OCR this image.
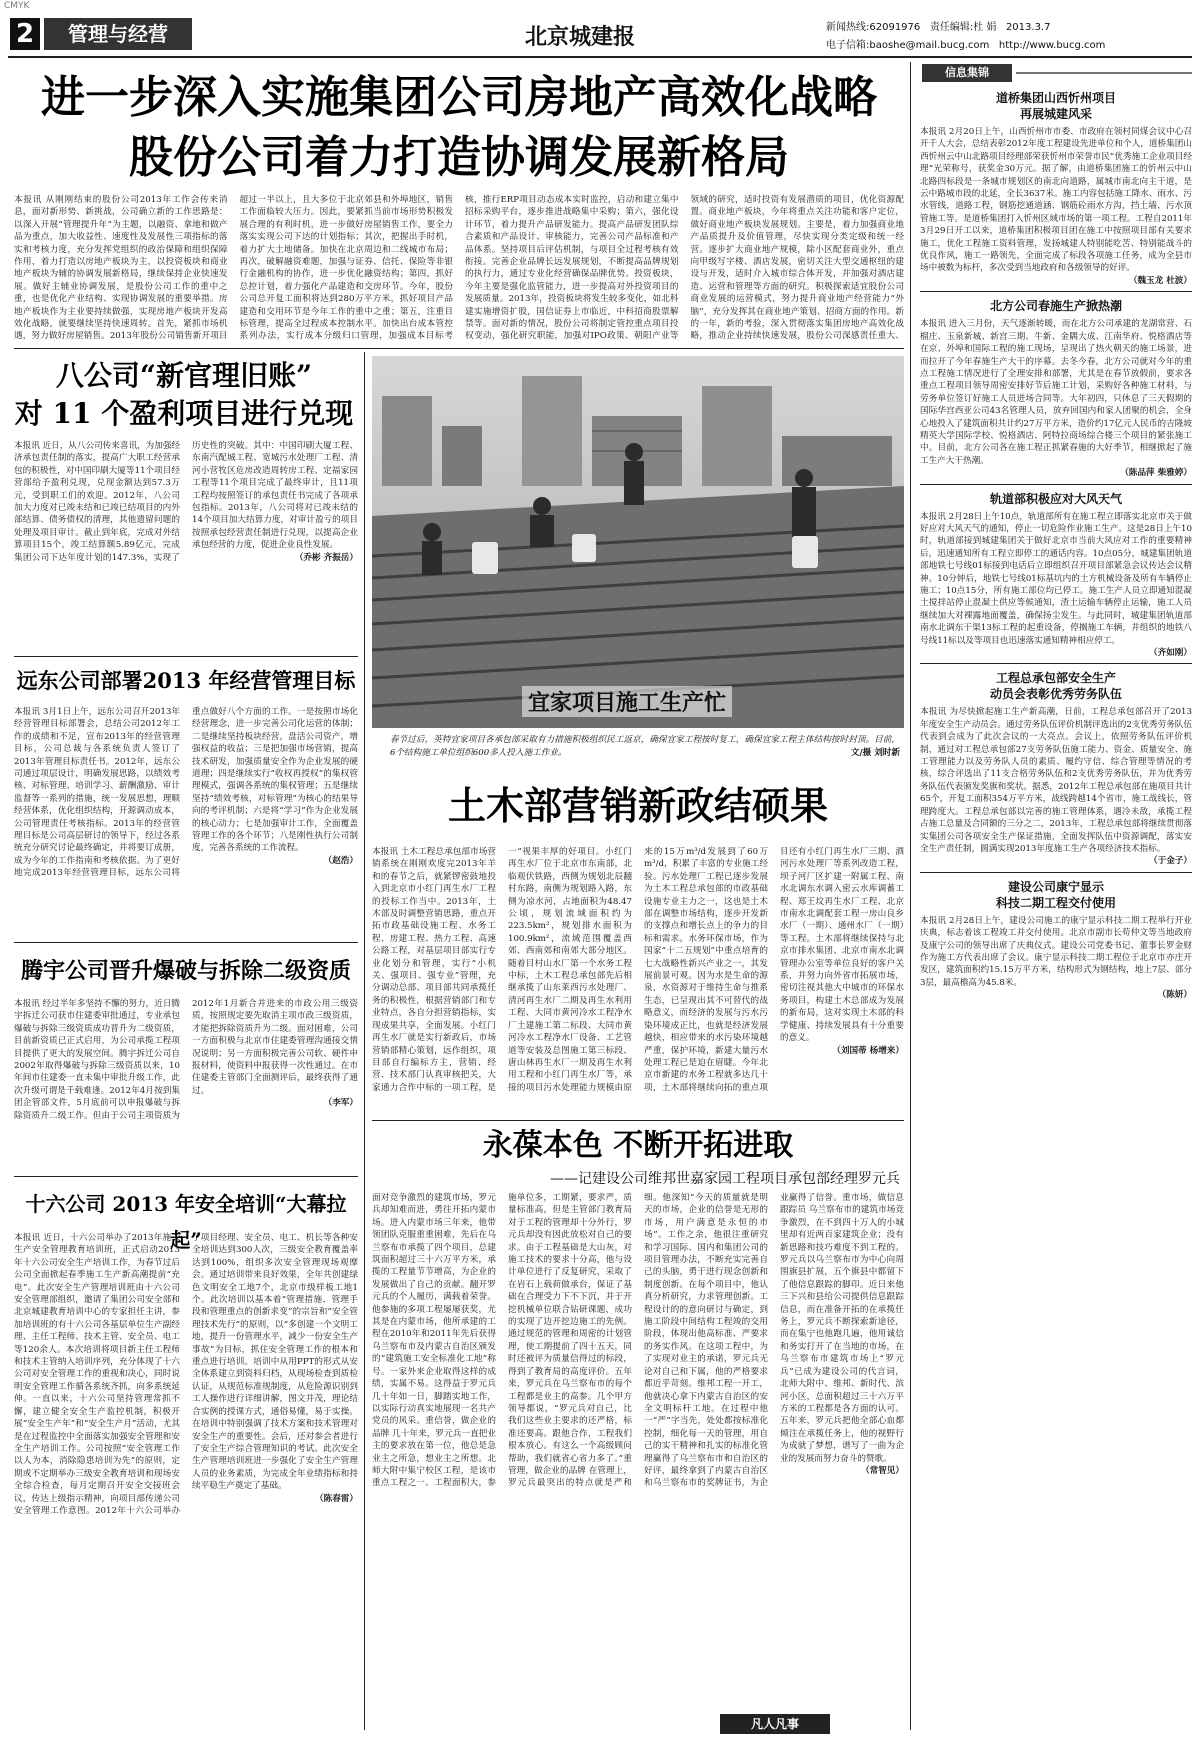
CMYK
2	管理与经营	北京城建报	新闻热线:62091976 责任编辑:杜 娟 2013.3.7
电子信箱:baoshe@mail.bucg.com http://www.bucg.com
进一步深入实施集团公司房地产高效化战略
股份公司着力打造协调发展新格局
本报讯 从刚刚结束的股份公司2013年工作会传来消息，面对新形势、新挑战，公司确立新的工作思路是：以深入开展“管理提升年”为主题，以融资、拿地和做产品为重点，加大收益性、速度性及发展性三项指标的落实和考核力度，充分发挥党组织的政治保障和组织保障作用，着力打造以房地产板块为主，以投资板块和商业地产板块为辅的协调发展新格局，继续保持企业快速发展。做好主辅业协调发展，是股份公司工作的重中之重，也是优化产业结构、实现协调发展的重要举措。房地产板块作为主业要持续做强，实现房地产板块开发高效化战略，就要继续坚持快速周转。首先，紧抓市场机遇，努力做好房屋销售。2013年股份公司销售新开项目超过一半以上，且大多位于北京郊县和外埠地区，销售工作面临较大压力。因此，要紧抓当前市场形势积极发展合理的有利时机，进一步做好房屋销售工作，要全力落实实现公司下达的计划指标；其次，把握出手时机，着力扩大土地储备。加快在北京周边和二线城市布局；再次，破解融资难题，加强与证券、信托、保险等非银行金融机构的协作，进一步优化融资结构；第四，抓好总控计划，着力强化产品建造和交房环节。今年，股份公司总开复工面积将达到280万平方米，抓好项目产品建造和交用环节是今年工作的重中之重；第五，注重目标管理，提高全过程成本控制水平。加快出台成本管控系列办法，实行成本分级归口管理，加强成本目标考核，推行ERP项目动态成本实时监控，启动和建立集中招标采购平台，逐步推进战略集中采购；第六，强化设计环节，着力提升产品研发能力。提高产品研发团队综合素质和产品设计、审核能力，完善公司产品标准和产品体系。坚持项目后评估机制，与项目全过程考核有效衔接。完善企业品牌长远发展规划，不断提高品牌规划的执行力，通过专业化经营确保品牌优势。投资板块，今年主要是强化监管能力，进一步提高对外投资项目的发展质量。2013年，投资板块将发生较多变化，如北科建实施增资扩股，国信证券上市临近，中科招商股票解禁等。面对新的情况，股份公司将制定管控重点项目投权变动，强化研究职能，加强对IPO政策、朝阳产业等领域的研究，适时投资有发展潜质的项目，优化资源配置。商业地产板块，今年将重点关注功能和客户定位，做好商业地产板块发展规划。主要是，着力加强商业地产品质提升及价值管理，尽快实现分类定级和统一经营。逐步扩大商业地产规模，除小区配套商业外，重点向甲级写字楼、酒店发展，密切关注大型交通枢纽的建设与开发，适时介入城市综合体开发，并加强对酒店建造、运营和管理等方面的研究。积极探索适宜股份公司商业发展的运营模式，努力提升商业地产经营能力“外脑”，充分发挥其在商业地产策划、招商方面的作用。新的一年，新的考验，深入贯彻落实集团房地产高效化战略，推动企业持续快速发展，股份公司深感责任重大、
八公司“新官理旧账”
对 11 个盈利项目进行兑现
本报讯 近日，从八公司传来喜讯，为加强经济承包责任制的落实，提高广大职工经营承包的积极性，对中国印刷大厦等11个项目经营部给予盈利兑现，兑现金额达到57.3万元，受到职工们的欢迎。2012年，八公司加大力度对已竣未结和已竣已结项目的内外部结算、债务债权的清理，其他遗留问题的处理及项目审计。截止到年底，完成对外结算项目15个，竣工结算额5.89亿元，完成集团公司下达年度计划的147.3%，实现了历史性的突破。其中：中国印刷大厦工程、东南汽配城工程、宽城污水处理厂工程、清河小营牧区危房改造周转房工程、定福家园工程等11个项目完成了最终审计，且11项工程均按照签订的承包责任书完成了各项承包指标。2013年，八公司将对已竣未结的14个项目加大结算力度，对审计盈亏的项目按照承包经营责任制进行兑现，以提高企业承包经营的力度，促进企业良性发展。
（乔彬 齐振岳）
远东公司部署2013 年经营管理目标
本报讯 3月1日上午，远东公司召开2013年经营管理目标部署会，总结公司2012年工作的成绩和不足，宣布2013年的经营管理目标，公司总裁与各系统负责人签订了2013年管理目标责任书。2012年，远东公司通过项层设计，明确发展思路，以绩效考核、对标管理、培训学习、薪酬激励、审计监督等一系列的措施，统一发展思想，理顺经营体系，优化组织结构，开源调动成本，公司管理责任考核指标。2013年的经营管理目标是公司高层研讨的领导下，经过各系统充分研究讨论最终确定，并将要订成册，成为今年的工作指南和考核依据。为了更好地完成2013年经营管理目标，远东公司将重点做好八个方面的工作。一是按照市场化经营理念，进一步完善公司化运营的体制；二是继续坚持板块经营，盘活公司资产，增强权益的收益；三是把加强市场营销，提高技术研发，加强质量安全作为企业发展的硬道理；四是继续实行“收权再授权”的集权管理模式，强调各系统的集权管理；五是继续坚持“绩效考核，对标管理”为核心的结果导向的考评机制；六是将“学习”作为企业发展的核心动力；七是加强审计工作，全面覆盖管理工作的各个环节；八是刚性执行公司制度，完善各系统的工作流程。
（赵浩）
腾宇公司晋升爆破与拆除二级资质
本报讯 经过半年多坚持不懈的努力，近日腾宇拆迁公司获市住建委审批通过，专业承包爆破与拆除三级资质成功晋升为二级资质，目前新资质已正式启用，为公司承揽工程项目提供了更大的发展空间。腾宇拆迁公司自2002年取得爆破与拆除三级资质以来，10年间市住建委一直未集中审批升级工作，此次升级可谓是千载难逢。2012年4月按到集团企管部文件，5月底前可以申报爆破与拆除资质升二级工作。但由于公司主项资质为2012年1月新合并进来的市政公用三级资质，按照规定要先取消主项市政三级资质，才能把拆除资质升为二级。面对困难，公司一方面积极与北京市住建委管理沟通接交情况说明；另一方面积极完善公司软、硬件申报材料，使资料申报获得一次性通过。在市住建委主管部门全面测评后，最终获得了通过。
（李军）
十六公司 2013 年安全培训“大幕拉起”
本报讯 近日，十六公司举办了2013年施工生产安全管理教育培训班，正式启动2013年十六公司安全生产培训工作，为春节过后公司全面掀起春季施工生产新高潮提前“充电”。此次安全生产管理培训班由十六公司安全管理部组织，邀请了集团公司安全部和北京城建教育培训中心的专家担任主讲，参加培训班的有十六公司各基层单位生产副经理、主任工程师、技术主管、安全员、电工等120余人。本次培训将项目新主任工程师和技术主管纳入培训序列，充分体现了十六公司对安全管理工作的重视和决心，同时说明安全管理工作循各系统齐抓，向多系统延伸。一直以来，十六公司坚持管理常抓不懈，建立健全安全生产监控机制，积极开展“安全生产年”和“安全生产月”活动，尤其是在过程监控中全面落实加强安全管理和安全生产培训工作。公司按照“安全管理工作以人为本，消除隐患培训为先”的原则，定期或不定期举办三级安全教育培训和现场安全综合检查，每月定期召开安全交接班会议，传达上级指示精神，向项目部传递公司安全管理工作意图。2012年十六公司举办了项目经理、安全员、电工、机长等各种安全培训达到300人次，三级安全教育覆盖率达到100%，组织多次安全管理现场观摩会。通过培训带来良好效果，全年共创建绿色文明安全工地7个，北京市级样板工地1个。此次培训以基本着“管理措施、管理手段和管理重点的创新求变”的宗旨和“安全管理技术先行”的原则，以“多创建一个文明工地，提升一份管理水平，减少一份安全生产事故”为目标，抓住安全管理工作的根本和重点进行培训。培训中从用PPT的形式从安全体系建立到资料归档，从现场检查到质检认证，从规范标准规制度，从危险源识别到工人操作进行详细讲解，图文并茂，理论结合实例的授课方式，通俗易懂，易于实操。在培训中特别强调了技术方案和技术管理对安全生产的重要性。会后，还对参会者进行了安全生产综合管理知识的考试。此次安全生产管理培训班进一步强化了安全生产管理人员的业务素质，为完成全年业绩指标和持续平稳生产奠定了基础。
（陈春雷）
宜家项目施工生产忙
春节过后，英特宜家项目各承包部采取有力措施积极组织民工返京，确保宜家工程按时复工，确保宜家工程主体结构按时封顶。目前，6个结构施工单位组织600多人投入施工作业。	文/摄 刘时新
土木部营销新政结硕果
本报讯 土木工程总承包部市场营销系统在刚刚欢度完2013年羊和的春节之后，就紧锣密鼓地投入到北京市小红门再生水厂工程的投标工作当中。2013年，土木部及时调整营销思路，重点开拓市政基础设施工程、水务工程、房建工程、热力工程、高速公路工程，对基层项目部实行专业化划分和管理，实行“小机关、强项目、强专业”管理，充分调动总部、项目部共同承揽任务的积极性，根据营销部门和专业特点，各自分担营销指标，实现成果共享，全面发展。小红门再生水厂就是实行新政后，市场营销部精心策划，远作组织，项目部自行编标方主，营销、经营、技术部门认真审核把关，大家通力合作中标的一项工程，是一“视果丰厚的好项目。小红门再生水厂位于北京市东南部，北临观伏铁路，西侧为规划北辰翻村东路，南侧为规划路入路，东侧为凉水河，占地面积为48.47公顷，规划流域面积约为223.5km²，规划排水面积为100.9km²，流域范围覆盖西郊、西南郊和南郊大部分地区。随着目村山水厂第一个水务工程中标，土木工程总承包部先后相继承揽了山东莱西污水处理厂、清河再生水厂二期及再生水利用工程、大同市黄河冷水工程净水厂土建施工第二标段、大同市黄河冷水工程净水厂设备、工艺管道等安装及总图施工第三标段、唐山林再生水厂一期及再生水利用工程和小红门再生水厂等，承接的项目污水处理能力规模由原来的15万m³/d发展到了60万m³/d，积累了丰富的专业施工经验。污水处理厂工程已逐步发展为土木工程总承包部的市政基础设施专业主力之一，这也是土木部在调整市场结构，逐步开发新的支撑点和增长点上的争力的目标和需求。水务环保市场，作为国家“十二五规划”中重点培育的七大战略性新兴产业之一，其发展前景可观。因为水是生命的源泉，水资源对于维持生命与推系生态，已呈现出其不可替代的战略意义，而经济的发展与污水污染环境成正比，也就是经济发展越快，相应带来的水污染环境越严重，保护环境，新建大量污水处理工程已是迫在眉睫。今年北京市新建的水务工程就多达几十项，土木部将继续向拓的重点项目还有小红门再生水厂三期、酒河污水处理厂等系列改造工程，坝子河厂区扩建一附属工程、南水北调东水调入密云水库调蓄工程、郑王坟再生水厂工程、北京市南水北调配套工程一房山良乡水厂（一期）、通州水厂（一期）等工程。土木部将继续保持与北京市排水集团、北京市南水北调管理办公室等单位良好的客户关系，并努力向外省市拓展市场，密切注视其他大中城市的环保水务项目，构建土木总部成为发展的新布局，这对实现土木部的科学健康、持续发展具有十分重要的意义。
（刘国蒂 杨增来）
永葆本色 不断开拓进取
——记建设公司维邦世嘉家园工程项目承包部经理罗元兵
面对竞争激烈的建筑市场，罗元兵却知难而进，勇往开拓内蒙市场。进入内蒙市场三年来，他带领团队克服重重困难，先后在乌兰察布市承揽了四个项目，总建筑面积超过三十六万平方米，承揽的工程量节节增高，为企业的发展做出了自己的贡献。翻开罗元兵的个人履历，满载着荣誉。他参施的多项工程屡屡获奖，尤其是在内蒙市场，他所承建的工程在2010年和2011年先后获得乌兰察布市及内蒙古自治区颁发的“建筑施工安全标准化工地”称号。一家外来企业取得这样的成绩，实属不易。这得益于罗元兵几十年如一日，脚踏实地工作，以实际行动真实地展现一名共产党员的风采。重信誉，做企业的品牌 几十年来，罗元兵一直把业主的要求放在第一位，他总是急业主之所急，想业主之所想。北师大附中集宁校区工程，是该市重点工程之一。工程面积大，参施单位多，工期紧，要求严，质量标准高，但是主管部门教育局对于工程的管理却十分外行，罗元兵却没有因此放松对自己的要求。由于工程基础是大山灰，对施工技术的要求十分高，他与设计单位进行了反复研究，采取了在岩石上载荷做承台，保证了基础在合理受力下不下沉，并于开挖机械单位联合钻研课题，成功的实现了边开挖边施工的先例。通过规范的管理和周密的计划管理，使工期提前了四十五天，同时还被评为质量信得过的标段，得到了教育局的高度评价。五年来，罗元兵在乌兰察布市的每个工程都是业主的高参。几个甲方领导都说，“罗元兵对自己，比我们这些业主要求的还严格，标准还要高。跟他合作，工程我们根本放心。有这么一个高级顾问帮助，我们就省心省力多了。”重管理，做企业的品牌 在管理上，罗元兵最突出的特点就是严和细。他深知“今天的质量就是明天的市场，企业的信誉是无形的市场，用户满意是永恒的市场”。工作之余，他很注重研究和学习国际、国内和集团公司的项目管理办法，不断充实完善自己的头脑，勇于进行现念创新和制度创新。在每个项目中，他认真分析研究，力求管理创新。工程设计的的意向研讨与确定，到施工阶段中间结构工程竣的交用阶段，体现出他高标准、严要求的务实作风。在这项工程中，为了实现对业主的承诺，罗元兵无论对自己和下属，他的严格要求都近乎苛刻。维邦工程一开工，他就决心拿下内蒙古自治区的安全文明标杆工地。在过程中他一“严”字当先，处处都按标准化控制，细化每一天的管理，用自己的实干精神和扎实的标准化管理赢得了乌兰察布市和自治区的好评，最终拿到了内蒙古自治区和乌兰察布市的奖牌证书，为企业赢得了信誉。重市场，做信息跟踪员 乌兰察布市的建筑市场竞争激烈，在不到四十万人的小城里却有近两百家建筑企业；没有新思路和技巧难度不到工程的。罗元兵以乌兰察布市为中心向周围旗县扩展，五个旗县中都留下了他信息跟踪的脚印。近日来他三下兴和县给公司提供信息跟踪信息，而在准备开拓的在承揽任务上，罗元兵不断探索新途径，而在集宁也他跑几遍，他用诚信和务实打开了在当地的市场，在乌兰察布市建筑市场上“罗元兵”已成为建设公司的代言词，北师大附中、维邦、新时代、滨河小区，总面积超过三十六万平方米的工程都是各方面的认可。五年来，罗元兵把他全部心血都倾注在承揽任务上，他的视野行为成就了梦想，谱写了一曲为企业的发展而努力奋斗的赞歌。
（常智见）
凡人凡事
信息集锦
道桥集团山西忻州项目
再展城建风采
本报讯 2月20日上午，山西忻州市市委、市政府在领村同煤会议中心召开千人大会，总结表彰2012年度工程建设先进单位和个人，道桥集团山西忻州云中山北路项目经理部荣获忻州市荣誉市民“优秀施工企业项目经理”光荣称号，获奖金30万元。据了解，由道桥集团施工的忻州云中山北路四标段是一条城市规划区的南北向道路，属城市南北向主干道，是云中路城市段的北延，全长3637米。施工内容包括施工降水、雨水、污水管线，道路工程，钢筋挖通道涵、钢筋砼雨水方沟，挡土墙、污水顶管施工等。是道桥集团打入忻州区域市场的第一项工程。工程自2011年3月29日开工以来，道桥集团积极项目团在施工中按照项目部有关要求施工，优化工程施工资料管理，发扬城建人特别能吃苦、特别能战斗的优良作风，施工一路领先，全面完成了标段各项施工任务，成为全县市场中被数为标杆，多次受到当地政府和各级领导的好评。
（魏玉龙 杜波）
北方公司春施生产掀热潮
本报讯 进入三月份，天气逐渐转暖，而在北方公司承建的龙湖常营、石榴庄、玉泉新城、新宫三期、牛新、金隅大成、江南华府、悦格酒店等在京、外埠和国际工程的施工现场，呈现出了热火朝天的施工场景，进而拉开了今年春施生产大干的序幕。去冬今春，北方公司就对今年的重点工程施工情况进行了全理安排和部署，尤其是在春节放假前，要求各重点工程项目领导周密安排好节后施工计划，采购好各种施工材料，与劳务单位签订好施工人员进场合同等。大年初四，只休息了三天假期的国际华宫西亚公司43名管理人员，放弃回国内和家人团聚的机会，全身心地投入了建筑面积共计约27万平方米，造价约17亿元人民币的吉隆坡精英大学国际学校、悦格酒店、阿特拉商场综合楼三个项目的紧张施工中。目前，北方公司各在施工程正抓紧春施的大好季节，相继掀起了施工生产大干热潮。
（陈品萍 柴雅婷）
轨道部积极应对大风天气
本报讯 2月28日上午10点，轨道部所有在施工程立即落实北京市关于做好应对大风天气的通知，停止一切危险作业施工生产。这是28日上午10时，轨道部接到城建集团关于做好北京市当前大风应对工作的重要精神后，迅速通知所有工程立即停工的通话内容。10点05分，城建集团轨道部地铁七号线01标接到电话后立即组织召开项目部紧急会议传达会议精神。10分钟后，地铁七号线01标基坑内的土方机械设备及所有车辆停止施工；10点15分，所有施工部位均已停工。施工生产人员立即通知混凝土搅拌站停止混凝土供应等候通知，渣土运输车辆停止运输，施工人员继续加大对裸露地面覆盖，确保扬尘发生。与此同时，城建集团轨道部南水北调东干渠13标工程的起重设备，停搁施工车辆，并组织的地铁八号线11标以及等项目也迅速落实通知精神相应停工。
（齐如刚）
工程总承包部安全生产
动员会表彰优秀劳务队伍
本报讯 为尽快掀起施工生产新高潮，日前，工程总承包部召开了2013年度安全生产动员会。通过劳务队伍评价机制评选出的2支优秀劳务队伍代表到会成为了此次会议的一大亮点。会议上，依照劳务队伍评价机制，通过对工程总承包部27支劳务队伍施工能力、资金、质量安全、施工管理能力以及劳务队人员的素质、履约守信、综合管理等情况的考核，综合评选出了11支合格劳务队伍和2支优秀劳务队伍，并为优秀劳务队伍代表颁发奖旗和奖状。据悉，2012年工程总承包部在施项目共计65个，开复工面积354万平方米，战线跨越14个省市，施工战线长，管理跨度大。工程总承包部以完善的施工管理体系，遇冷未敌，承揽工程占施工总量及合同额的三分之二，2013年，工程总承包部将继续贯彻落实集团公司各项安全生产保证措施，全面发挥队伍中资源调配，落实安全生产责任制，圆满实现2013年度施工生产各项经济技术指标。
（于金子）
建设公司康宁显示
科技二期工程交付使用
本报讯 2月28日上午，建设公司施工的康宁显示科技二期工程举行开业庆典，标志着该工程竣工并交付使用。北京市副市长苟仲文等当地政府及康宁公司的领导出席了庆典仪式。建设公司党委书记、董事长罗金财作为施工方代表出席了会议。康宁显示科技二期工程位于北京市亦庄开发区，建筑面积约15.15万平方米，结构形式为钢结构，地上7层、部分3层，最高檐高为45.8米。
（陈妍）
